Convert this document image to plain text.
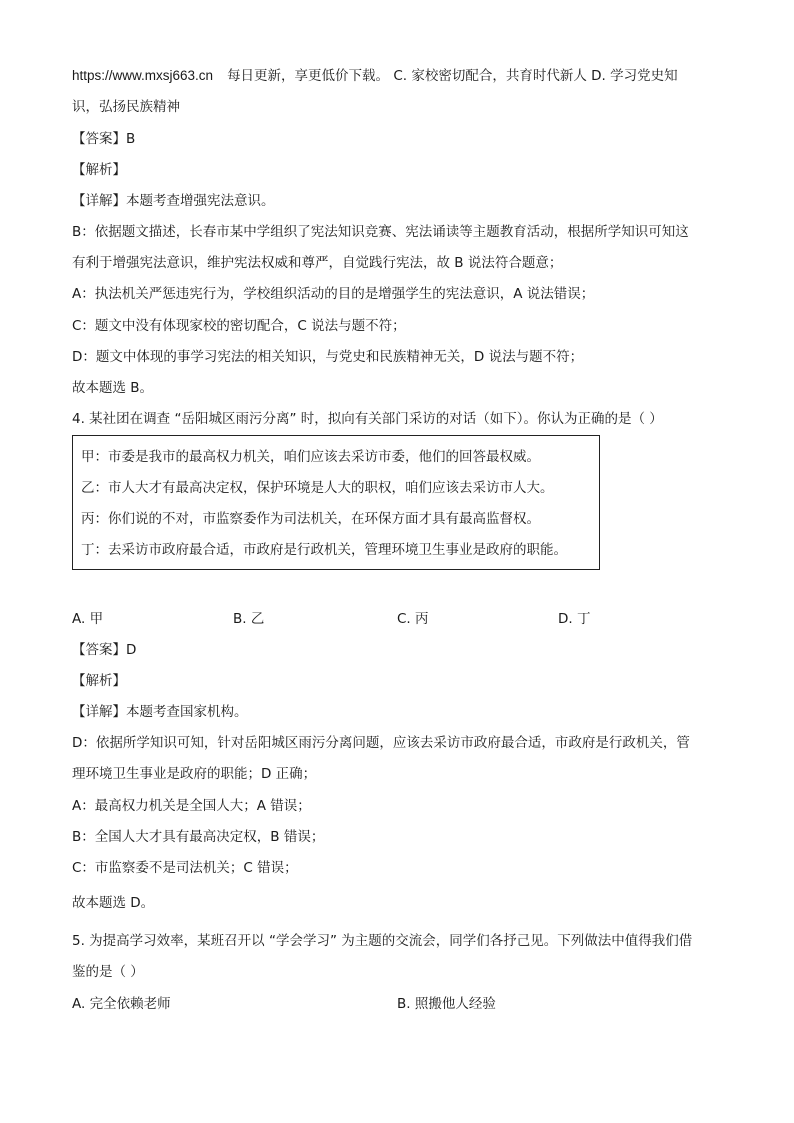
https://www.mxsj663.cn 每日更新，享更低价下载。 C. 家校密切配合，共育时代新人 D. 学习党史知
识，弘扬民族精神
【答案】B
【解析】
【详解】本题考查增强宪法意识。
B：依据题文描述，长春市某中学组织了宪法知识竞赛、宪法诵读等主题教育活动，根据所学知识可知这
有利于增强宪法意识，维护宪法权威和尊严，自觉践行宪法，故 B 说法符合题意；
A：执法机关严惩违宪行为，学校组织活动的目的是增强学生的宪法意识，A 说法错误；
C：题文中没有体现家校的密切配合，C 说法与题不符；
D：题文中体现的事学习宪法的相关知识，与党史和民族精神无关，D 说法与题不符；
故本题选 B。
4. 某社团在调查 “岳阳城区雨污分离” 时，拟向有关部门采访的对话（如下）。你认为正确的是（ ）
甲：市委是我市的最高权力机关，咱们应该去采访市委，他们的回答最权威。
乙：市人大才有最高决定权，保护环境是人大的职权，咱们应该去采访市人大。
丙：你们说的不对，市监察委作为司法机关，在环保方面才具有最高监督权。
丁：去采访市政府最合适，市政府是行政机关，管理环境卫生事业是政府的职能。
A. 甲	B. 乙	C. 丙	D. 丁
【答案】D
【解析】
【详解】本题考查国家机构。
D：依据所学知识可知，针对岳阳城区雨污分离问题，应该去采访市政府最合适，市政府是行政机关，管
理环境卫生事业是政府的职能；D 正确；
A：最高权力机关是全国人大；A 错误；
B：全国人大才具有最高决定权，B 错误；
C：市监察委不是司法机关；C 错误；
故本题选 D。
5. 为提高学习效率，某班召开以 “学会学习” 为主题的交流会，同学们各抒己见。下列做法中值得我们借
鉴的是（ ）
A. 完全依赖老师	B. 照搬他人经验
